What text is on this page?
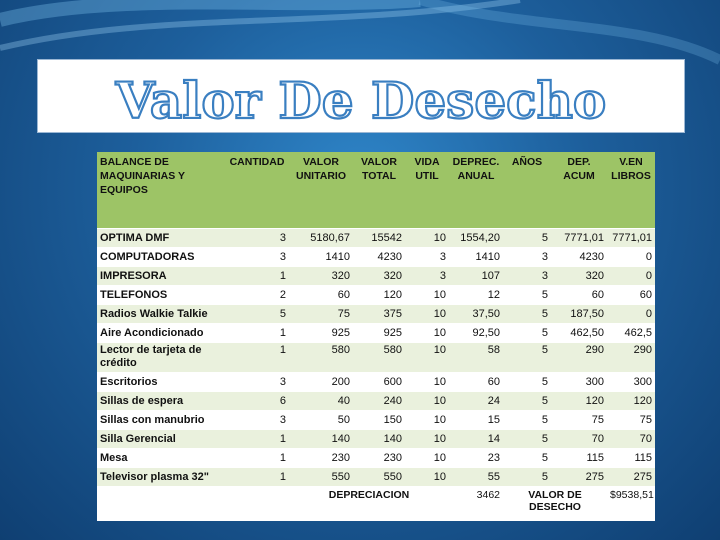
Valor De Desecho
BALANCE DE MAQUINARIAS Y EQUIPOS	CANTIDAD	VALOR UNITARIO	VALOR TOTAL	VIDA UTIL	DEPREC. ANUAL	AÑOS	DEP. ACUM	V.EN LIBROS
OPTIMA DMF	3	5180,67	15542	10	1554,20	5	7771,01	7771,01
COMPUTADORAS	3	1410	4230	3	1410	3	4230	0
IMPRESORA	1	320	320	3	107	3	320	0
TELEFONOS	2	60	120	10	12	5	60	60
Radios Walkie Talkie	5	75	375	10	37,50	5	187,50	0
Aire Acondicionado	1	925	925	10	92,50	5	462,50	462,5
Lector de tarjeta de crédito	1	580	580	10	58	5	290	290
Escritorios	3	200	600	10	60	5	300	300
Sillas de espera	6	40	240	10	24	5	120	120
Sillas con manubrio	3	50	150	10	15	5	75	75
Silla Gerencial	1	140	140	10	14	5	70	70
Mesa	1	230	230	10	23	5	115	115
Televisor plasma 32"	1	550	550	10	55	5	275	275
		DEPRECIACION			3462	VALOR DE DESECHO		$9538,51
